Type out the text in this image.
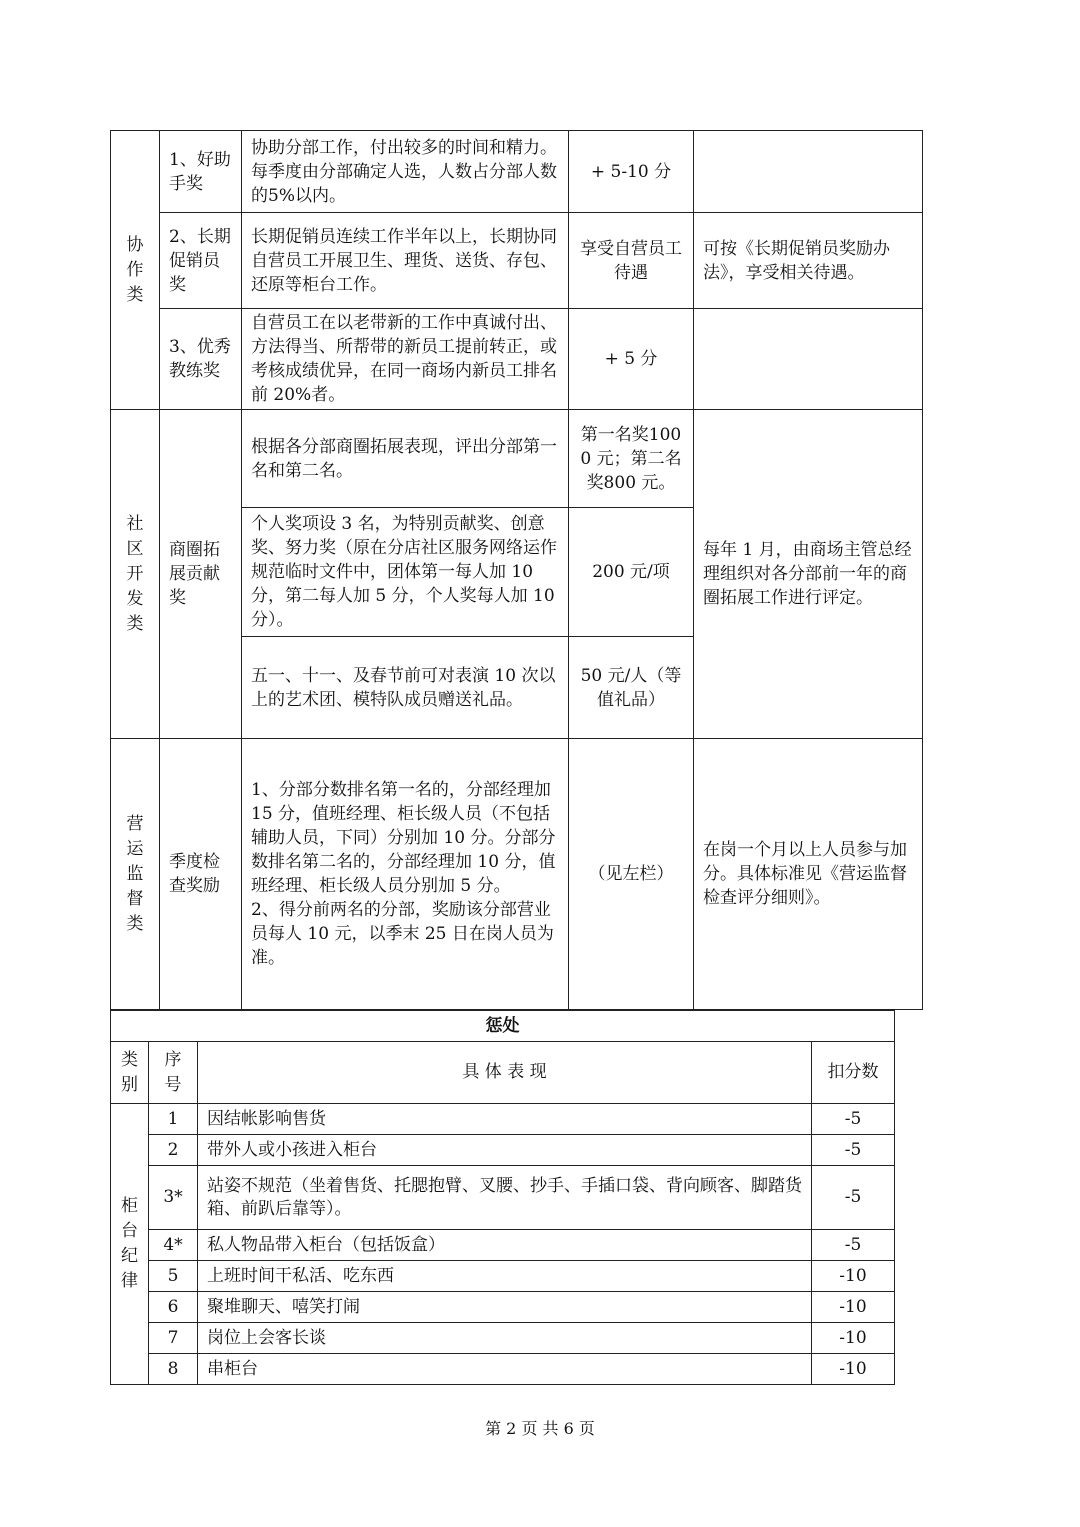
协作类	1、好助手奖	协助分部工作，付出较多的时间和精力。每季度由分部确定人选，人数占分部人数的5%以内。	+ 5-10 分	
	2、长期促销员奖	长期促销员连续工作半年以上，长期协同自营员工开展卫生、理货、送货、存包、还原等柜台工作。	享受自营员工待遇	可按《长期促销员奖励办法》，享受相关待遇。
	3、优秀教练奖	自营员工在以老带新的工作中真诚付出、方法得当、所帮带的新员工提前转正，或考核成绩优异，在同一商场内新员工排名前 20%者。	+ 5 分	
社区开发类	商圈拓展贡献奖	根据各分部商圈拓展表现，评出分部第一名和第二名。	第一名奖1000 元；第二名奖800 元。	每年 1 月，由商场主管总经理组织对各分部前一年的商圈拓展工作进行评定。
		个人奖项设 3 名，为特别贡献奖、创意奖、努力奖（原在分店社区服务网络运作规范临时文件中，团体第一每人加 10 分，第二每人加 5 分，个人奖每人加 10 分）。	200 元/项	
		五一、十一、及春节前可对表演 10 次以上的艺术团、模特队成员赠送礼品。	50 元/人（等值礼品）	
营运监督类	季度检查奖励	1、分部分数排名第一名的，分部经理加 15 分，值班经理、柜长级人员（不包括辅助人员，下同）分别加 10 分。分部分数排名第二名的，分部经理加 10 分，值班经理、柜长级人员分别加 5 分。
2、得分前两名的分部，奖励该分部营业员每人 10 元，以季末 25 日在岗人员为准。	（见左栏）	在岗一个月以上人员参与加分。具体标准见《营运监督检查评分细则》。
惩处			
类别	序号	具 体 表 现	扣分数
柜台纪律	1	因结帐影响售货	-5
	2	带外人或小孩进入柜台	-5
	3*	站姿不规范（坐着售货、托腮抱臂、叉腰、抄手、手插口袋、背向顾客、脚踏货箱、前趴后靠等）。	-5
	4*	私人物品带入柜台（包括饭盒）	-5
	5	上班时间干私活、吃东西	-10
	6	聚堆聊天、嘻笑打闹	-10
	7	岗位上会客长谈	-10
	8	串柜台	-10
第 2 页 共 6 页
